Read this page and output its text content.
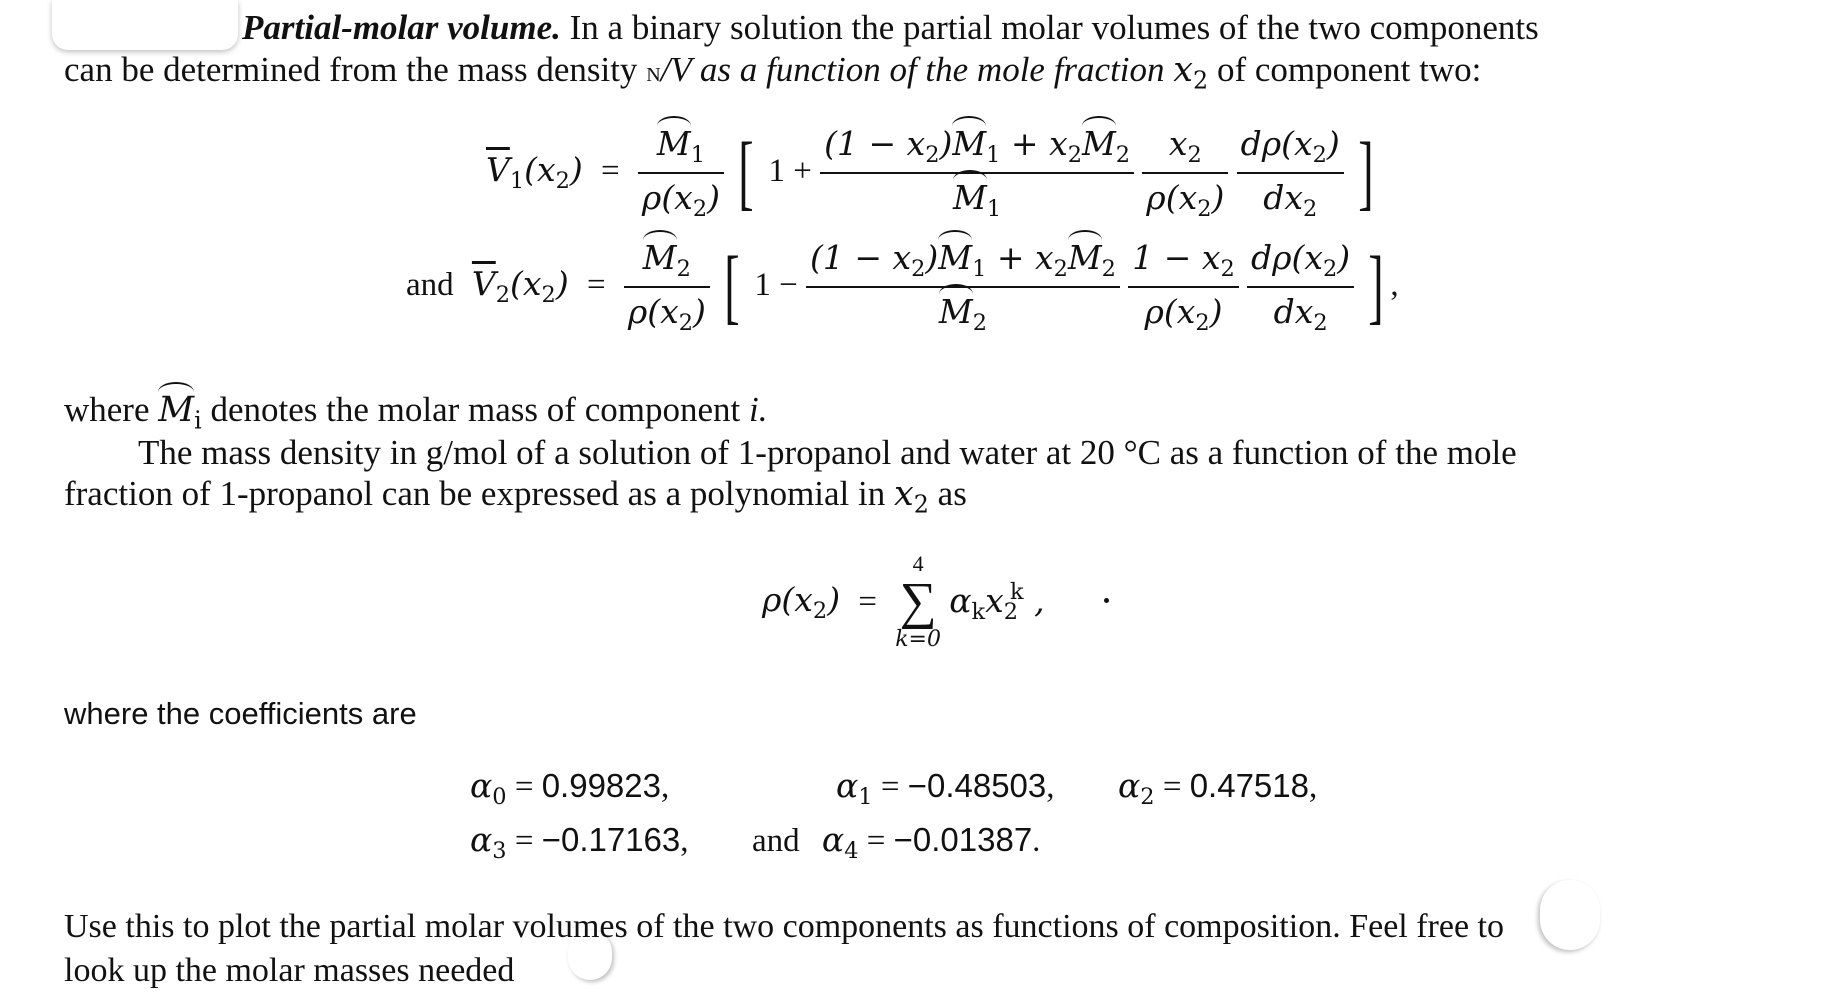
Partial-molar volume. In a binary solution the partial molar volumes of the two components
can be determined from the mass density N/V as a function of the mole fraction $x_2$ of component two:
$\overline{V}_1(x_2) = \frac{M_1}{\rho(x_2)}$ [ $1 + \frac{(1 - x_2)M_1 + x_2M_2}{M_1}$
$\frac{x_2}{\rho(x_2)}$
$\frac{d\rho(x_2)}{dx_2}$ ]
and $\overline{V}_2(x_2) = \frac{M_2}{\rho(x_2)}$ [ $1 - \frac{(1 - x_2)M_1 + x_2M_2}{M_2}$
$\frac{1 - x_2}{\rho(x_2)}$
$\frac{d\rho(x_2)}{dx_2}$ ] ,
where $M_i$ denotes the molar mass of component i.
The mass density in g/mol of a solution of 1-propanol and water at 20 °C as a function of the mole
fraction of 1-propanol can be expressed as a polynomial in $x_2$ as
$\rho(x_2)$ =
4
∑
k=0
$\alpha_kx_2^k$ ,
where the coefficients are
$\alpha_0 = 0.99823$,	$\alpha_1 = -0.48503$, $\alpha_2 = 0.47518$,
$\alpha_3 = -0.17163$, and $\alpha_4 = -0.01387$.
Use this to plot the partial molar volumes of the two components as functions of composition. Feel free to
look up the molar masses needed
